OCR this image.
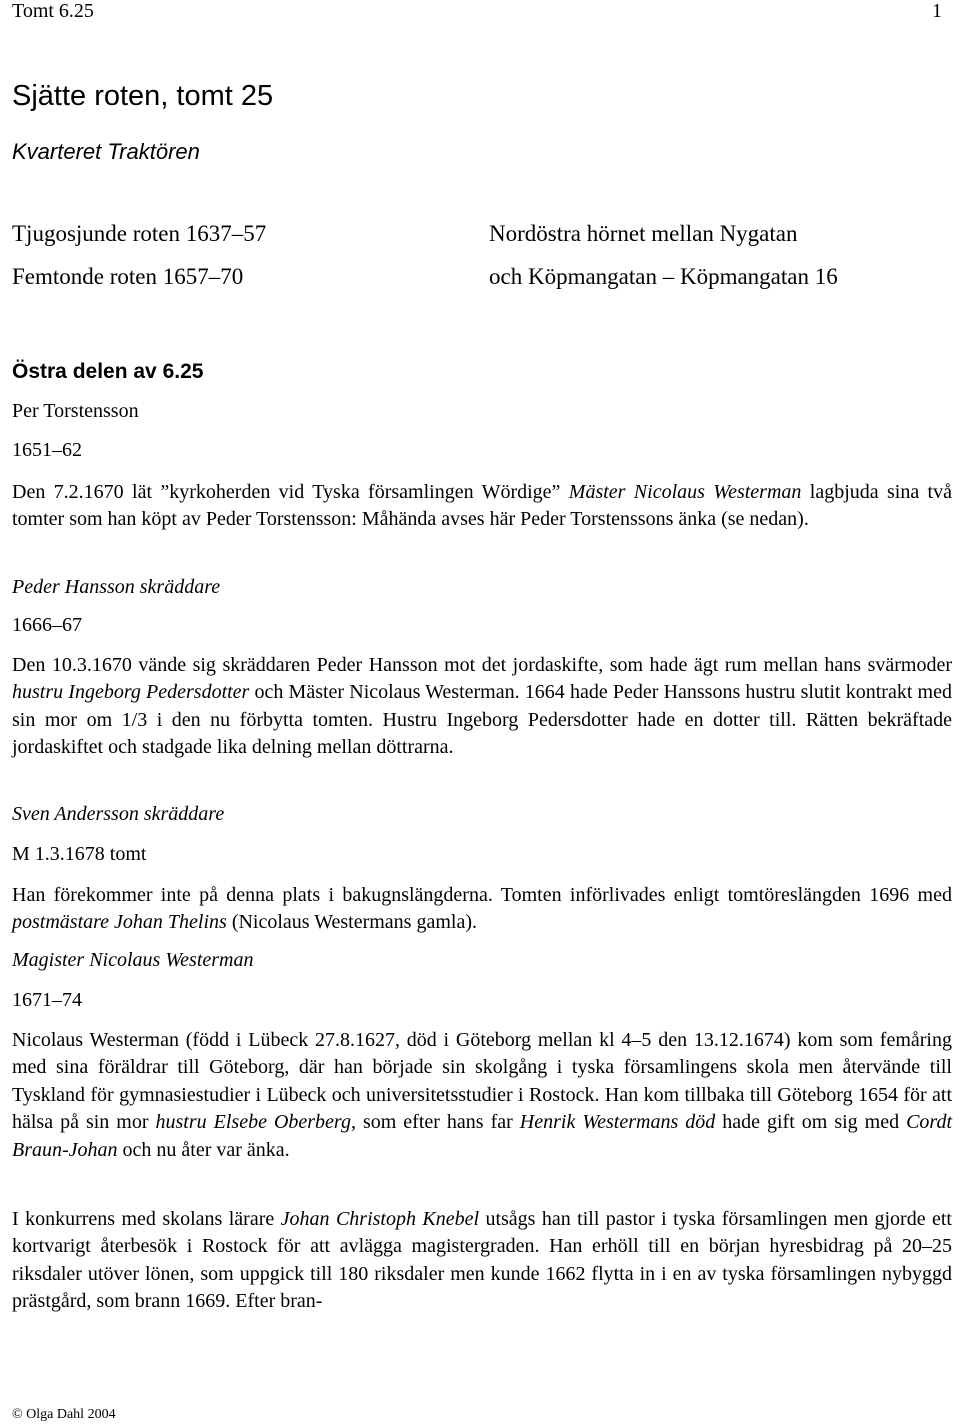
Tomt 6.25	1
Sjätte roten, tomt 25
Kvarteret Traktören
Tjugosjunde roten 1637–57
Femtonde roten 1657–70
Nordöstra hörnet mellan Nygatan
och Köpmangatan – Köpmangatan 16
Östra delen av 6.25
Per Torstensson
1651–62
Den 7.2.1670 lät ”kyrkoherden vid Tyska församlingen Wördige” Mäster Nicolaus Westerman lagbjuda sina två tomter som han köpt av Peder Torstensson: Måhända avses här Peder Torstenssons änka (se nedan).
Peder Hansson skräddare
1666–67
Den 10.3.1670 vände sig skräddaren Peder Hansson mot det jordaskifte, som hade ägt rum mellan hans svärmoder hustru Ingeborg Pedersdotter och Mäster Nicolaus Westerman. 1664 hade Peder Hanssons hustru slutit kontrakt med sin mor om 1/3 i den nu förbytta tomten. Hustru Ingeborg Pedersdotter hade en dotter till. Rätten bekräftade jordaskiftet och stadgade lika delning mellan döttrarna.
Sven Andersson skräddare
M 1.3.1678 tomt
Han förekommer inte på denna plats i bakugnslängderna. Tomten införlivades enligt tomtöreslängden 1696 med postmästare Johan Thelins (Nicolaus Westermans gamla).
Magister Nicolaus Westerman
1671–74
Nicolaus Westerman (född i Lübeck 27.8.1627, död i Göteborg mellan kl 4–5 den 13.12.1674) kom som femåring med sina föräldrar till Göteborg, där han började sin skolgång i tyska församlingens skola men återvände till Tyskland för gymnasiestudier i Lübeck och universitetsstudier i Rostock. Han kom tillbaka till Göteborg 1654 för att hälsa på sin mor hustru Elsebe Oberberg, som efter hans far Henrik Westermans död hade gift om sig med Cordt Braun-Johan och nu åter var änka.
I konkurrens med skolans lärare Johan Christoph Knebel utsågs han till pastor i tyska församlingen men gjorde ett kortvarigt återbesök i Rostock för att avlägga magistergraden. Han erhöll till en början hyresbidrag på 20–25 riksdaler utöver lönen, som uppgick till 180 riksdaler men kunde 1662 flytta in i en av tyska församlingen nybyggd prästgård, som brann 1669. Efter bran-
© Olga Dahl 2004
